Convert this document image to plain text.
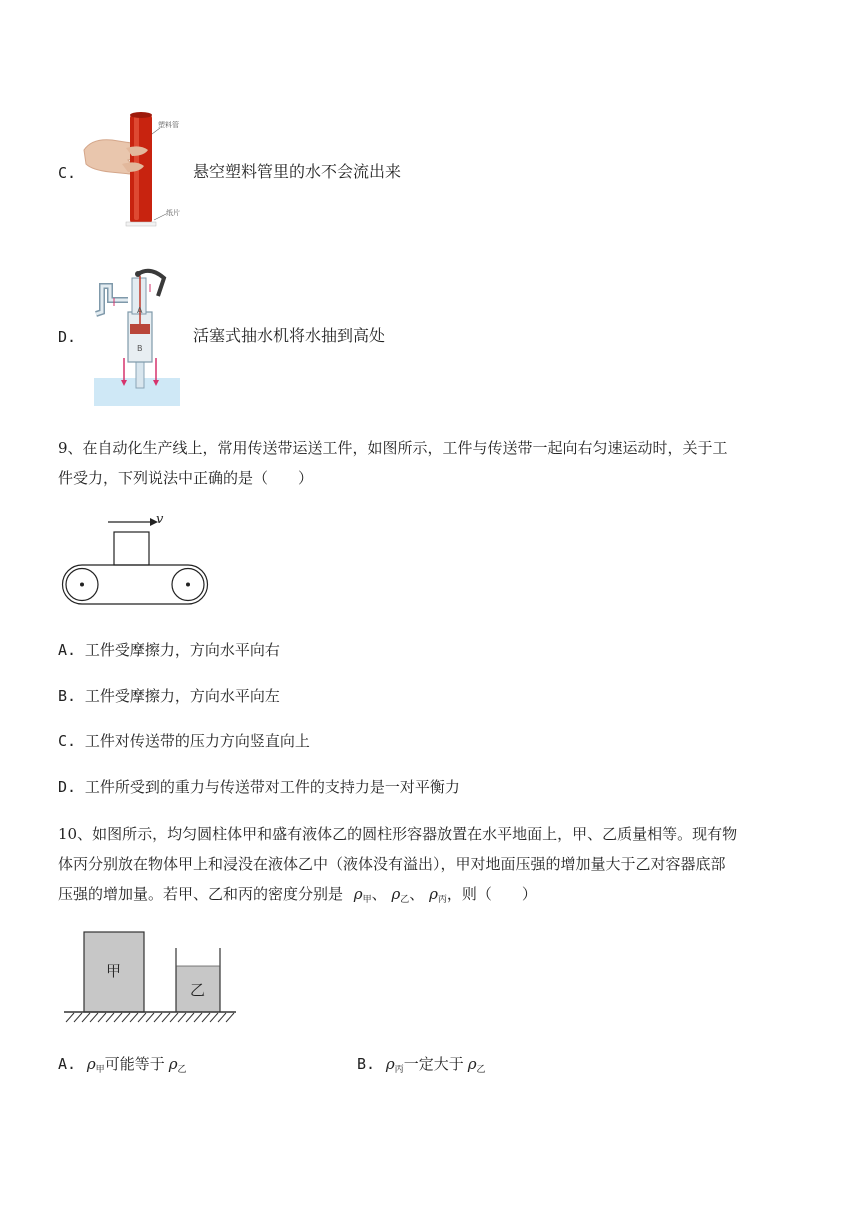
C.
塑料管
纸片
悬空塑料管里的水不会流出来
D.
A
B
活塞式抽水机将水抽到高处
9、在自动化生产线上，常用传送带运送工件，如图所示，工件与传送带一起向右匀速运动时，关于工
件受力，下列说法中正确的是（　　）
v
A. 工件受摩擦力，方向水平向右
B. 工件受摩擦力，方向水平向左
C. 工件对传送带的压力方向竖直向上
D. 工件所受到的重力与传送带对工件的支持力是一对平衡力
10、如图所示，均匀圆柱体甲和盛有液体乙的圆柱形容器放置在水平地面上，甲、乙质量相等。现有物
体丙分别放在物体甲上和浸没在液体乙中（液体没有溢出），甲对地面压强的增加量大于乙对容器底部
压强的增加量。若甲、乙和丙的密度分别是 $\rho_甲$、 $\rho_乙$、 $\rho_丙$，则（　　）
甲
乙
A. $\rho_甲$可能等于 $\rho_乙$	B. $\rho_丙$一定大于 $\rho_乙$
